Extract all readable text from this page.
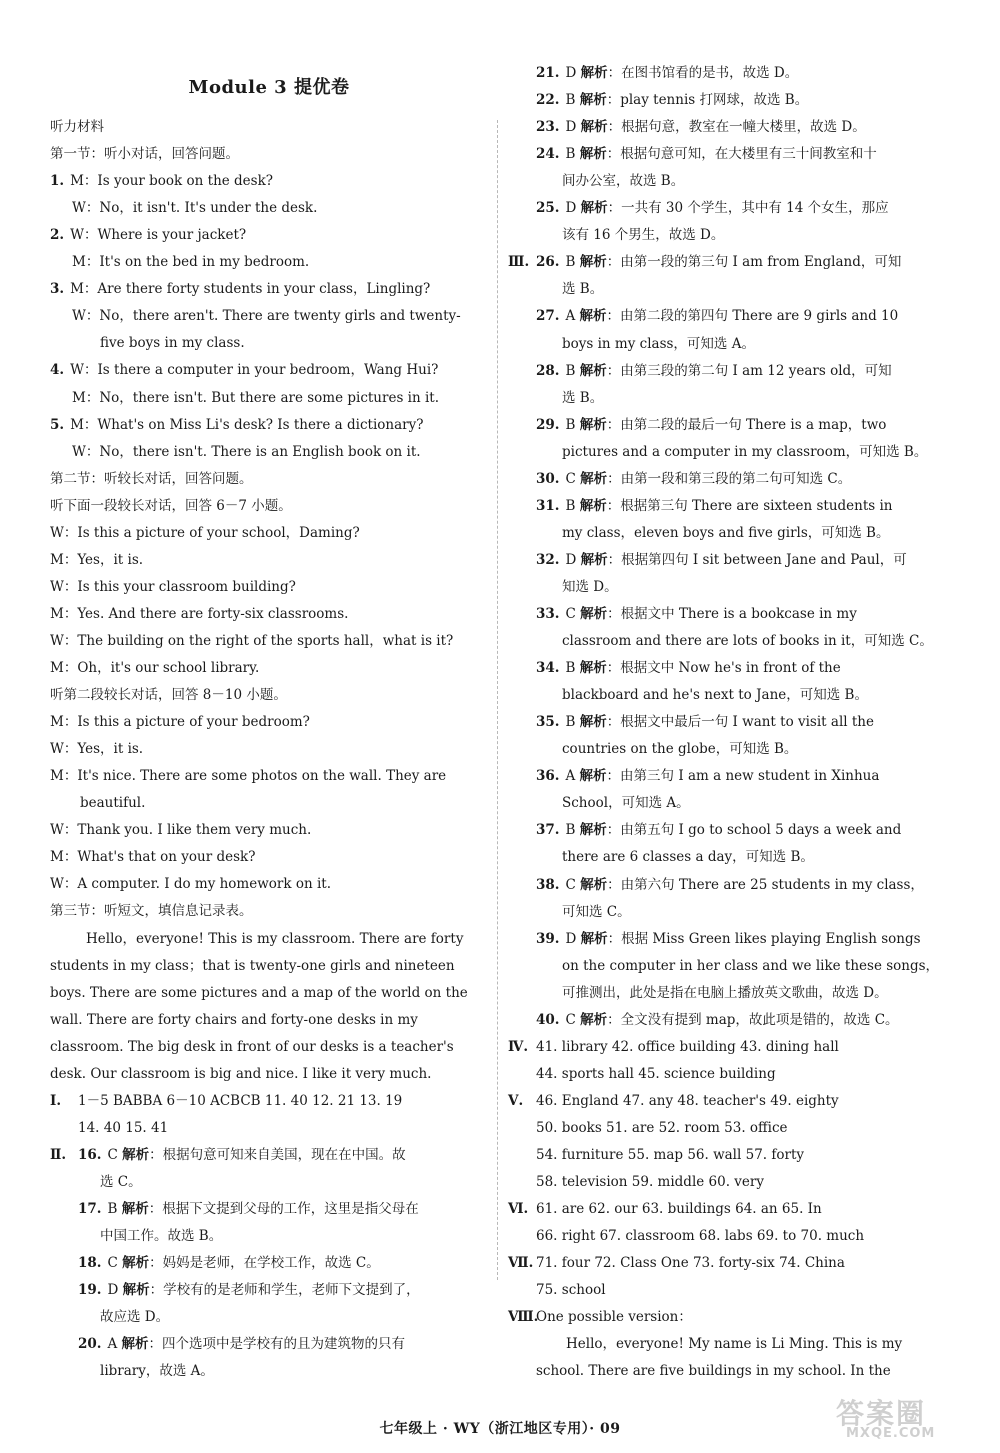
Module 3 提优卷
听力材料
第一节：听小对话，回答问题。
1. M：Is your book on the desk?
W：No，it isn't. It's under the desk.
2. W：Where is your jacket?
M：It's on the bed in my bedroom.
3. M：Are there forty students in your class，Lingling?
W：No，there aren't. There are twenty girls and twenty-
five boys in my class.
4. W：Is there a computer in your bedroom，Wang Hui?
M：No，there isn't. But there are some pictures in it.
5. M：What's on Miss Li's desk? Is there a dictionary?
W：No，there isn't. There is an English book on it.
第二节：听较长对话，回答问题。
听下面一段较长对话，回答 6－7 小题。
W：Is this a picture of your school，Daming?
M：Yes，it is.
W：Is this your classroom building?
M：Yes. And there are forty-six classrooms.
W：The building on the right of the sports hall，what is it?
M：Oh，it's our school library.
听第二段较长对话，回答 8－10 小题。
M：Is this a picture of your bedroom?
W：Yes，it is.
M：It's nice. There are some photos on the wall. They are
beautiful.
W：Thank you. I like them very much.
M：What's that on your desk?
W：A computer. I do my homework on it.
第三节：听短文，填信息记录表。
Hello，everyone! This is my classroom. There are forty
students in my class；that is twenty-one girls and nineteen
boys. There are some pictures and a map of the world on the
wall. There are forty chairs and forty-one desks in my
classroom. The big desk in front of our desks is a teacher's
desk. Our classroom is big and nice. I like it very much.
Ⅰ. 1－5 BABBA 6－10 ACBCB 11. 40 12. 21 13. 19
14. 40 15. 41
Ⅱ. 16. C 解析：根据句意可知来自美国，现在在中国。故
选 C。
17. B 解析：根据下文提到父母的工作，这里是指父母在
中国工作。故选 B。
18. C 解析：妈妈是老师，在学校工作，故选 C。
19. D 解析：学校有的是老师和学生，老师下文提到了，
故应选 D。
20. A 解析：四个选项中是学校有的且为建筑物的只有
library，故选 A。
21. D 解析：在图书馆看的是书，故选 D。
22. B 解析：play tennis 打网球，故选 B。
23. D 解析：根据句意，教室在一幢大楼里，故选 D。
24. B 解析：根据句意可知，在大楼里有三十间教室和十
间办公室，故选 B。
25. D 解析：一共有 30 个学生，其中有 14 个女生，那应
该有 16 个男生，故选 D。
Ⅲ. 26. B 解析：由第一段的第三句 I am from England，可知
选 B。
27. A 解析：由第二段的第四句 There are 9 girls and 10
boys in my class，可知选 A。
28. B 解析：由第三段的第二句 I am 12 years old，可知
选 B。
29. B 解析：由第二段的最后一句 There is a map，two
pictures and a computer in my classroom，可知选 B。
30. C 解析：由第一段和第三段的第二句可知选 C。
31. B 解析：根据第三句 There are sixteen students in
my class，eleven boys and five girls，可知选 B。
32. D 解析：根据第四句 I sit between Jane and Paul，可
知选 D。
33. C 解析：根据文中 There is a bookcase in my
classroom and there are lots of books in it，可知选 C。
34. B 解析：根据文中 Now he's in front of the
blackboard and he's next to Jane，可知选 B。
35. B 解析：根据文中最后一句 I want to visit all the
countries on the globe，可知选 B。
36. A 解析：由第三句 I am a new student in Xinhua
School，可知选 A。
37. B 解析：由第五句 I go to school 5 days a week and
there are 6 classes a day，可知选 B。
38. C 解析：由第六句 There are 25 students in my class，
可知选 C。
39. D 解析：根据 Miss Green likes playing English songs
on the computer in her class and we like these songs，
可推测出，此处是指在电脑上播放英文歌曲，故选 D。
40. C 解析：全文没有提到 map，故此项是错的，故选 C。
Ⅳ. 41. library 42. office building 43. dining hall
44. sports hall 45. science building
Ⅴ. 46. England 47. any 48. teacher's 49. eighty
50. books 51. are 52. room 53. office
54. furniture 55. map 56. wall 57. forty
58. television 59. middle 60. very
Ⅵ. 61. are 62. our 63. buildings 64. an 65. In
66. right 67. classroom 68. labs 69. to 70. much
Ⅶ. 71. four 72. Class One 73. forty-six 74. China
75. school
Ⅷ.One possible version：
Hello，everyone! My name is Li Ming. This is my
school. There are five buildings in my school. In the
七年级上 · WY（浙江地区专用）· 09	答案圈
MXQE.COM
